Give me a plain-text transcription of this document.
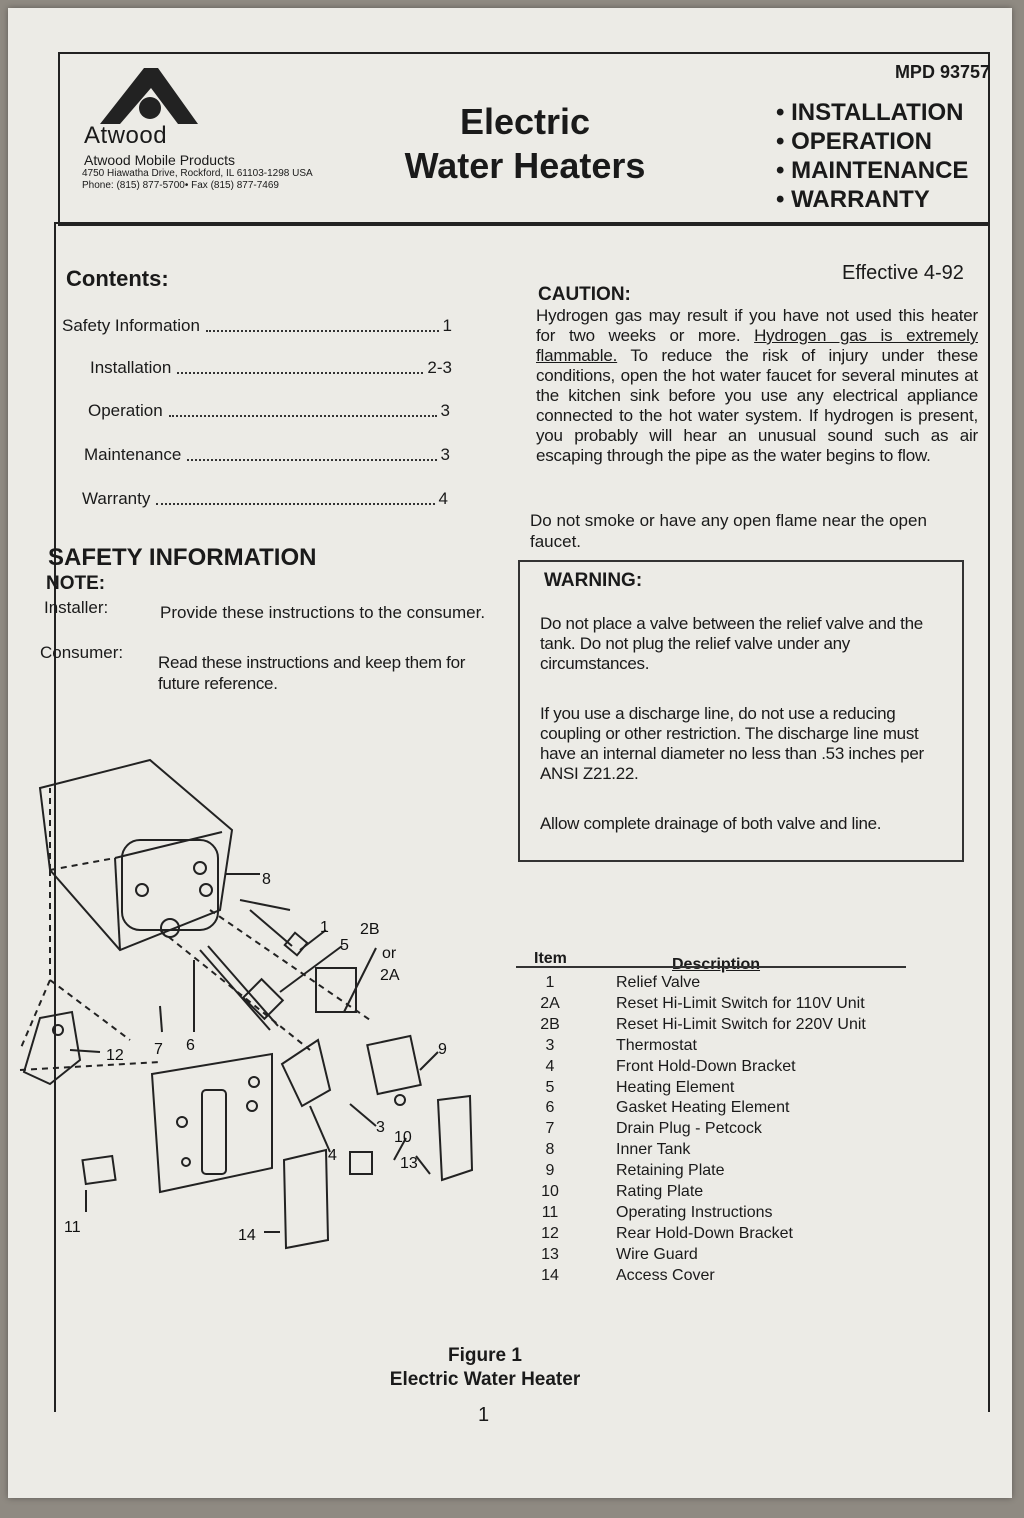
MPD 93757
Atwood
Atwood Mobile Products
4750 Hiawatha Drive, Rockford, IL 61103-1298 USA
Phone: (815) 877-5700• Fax (815) 877-7469
Electric
Water Heaters
• INSTALLATION
• OPERATION
• MAINTENANCE
• WARRANTY
Effective 4-92
Contents:
Safety Information	1
Installation	2-3
Operation	3
Maintenance	3
Warranty	4
CAUTION:
Hydrogen gas may result if you have not used this heater for two weeks or more. Hydrogen gas is extremely flammable. To reduce the risk of injury under these conditions, open the hot water faucet for several minutes at the kitchen sink before you use any electrical appliance connected to the hot water system. If hydrogen is present, you probably will hear an unusual sound such as air escaping through the pipe as the water begins to flow.
Do not smoke or have any open flame near the open faucet.
SAFETY INFORMATION
NOTE:
Installer:	Provide these instructions to the consumer.
Consumer:
Read these instructions and keep them for future reference.
WARNING:
Do not place a valve between the relief valve and the tank. Do not plug the relief valve under any circumstances.
If you use a discharge line, do not use a reducing coupling or other restriction. The discharge line must have an internal diameter no less than .53 inches per ANSI Z21.22.
Allow complete drainage of both valve and line.
Item	Description
1	Relief Valve
2A	Reset Hi-Limit Switch for 110V Unit
2B	Reset Hi-Limit Switch for 220V Unit
3	Thermostat
4	Front Hold-Down Bracket
5	Heating Element
6	Gasket Heating Element
7	Drain Plug - Petcock
8	Inner Tank
9	Retaining Plate
10	Rating Plate
11	Operating Instructions
12	Rear Hold-Down Bracket
13	Wire Guard
14	Access Cover
8
1
5
2B
or
2A
6
7
12	9
3
10
4	13
11	14
Figure 1
Electric Water Heater
1
